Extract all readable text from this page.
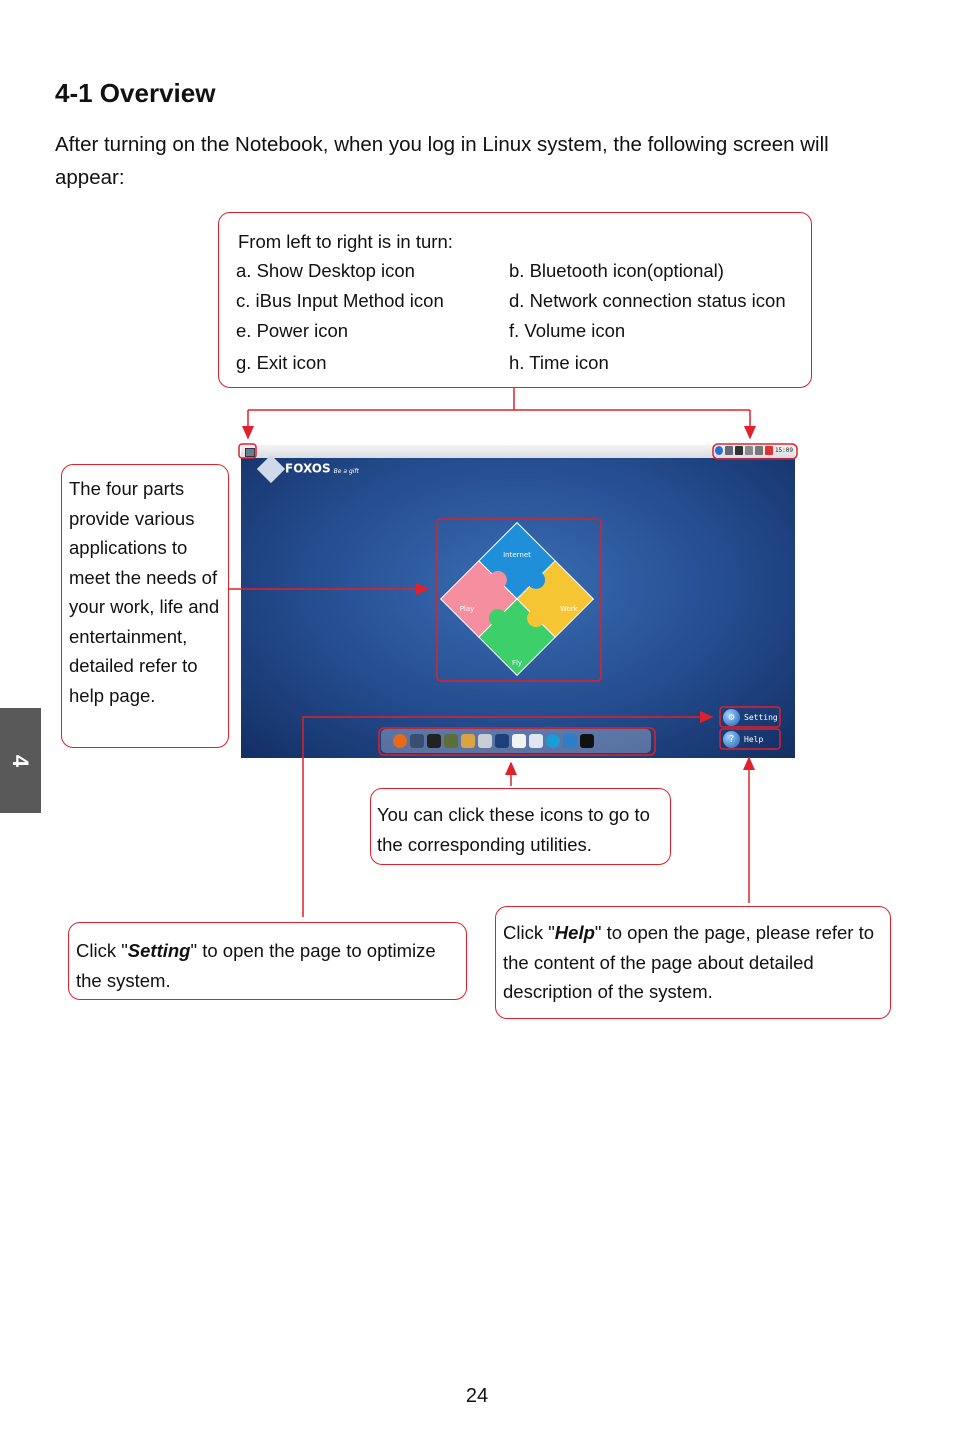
4-1 Overview

After turning on the Notebook, when you log in Linux system, the following screen will appear:

From left to right is in turn:

a. Show Desktop icon	b. Bluetooth icon(optional)
c. iBus Input Method icon	d. Network connection status icon
e. Power icon	f. Volume icon
g. Exit icon	h. Time icon

The four parts provide various applications to meet the needs of your work, life and entertainment, detailed refer to help page.

15:09
FOXOS Be a gift
Internet
Play	Work
Fly
⚙	Setting
?	Help

You can click these icons to go to the corresponding utilities.

Click "Setting" to open the page to optimize the system.

Click "Help" to open the page, please refer to the content of the page about detailed description of the system.

4
24
